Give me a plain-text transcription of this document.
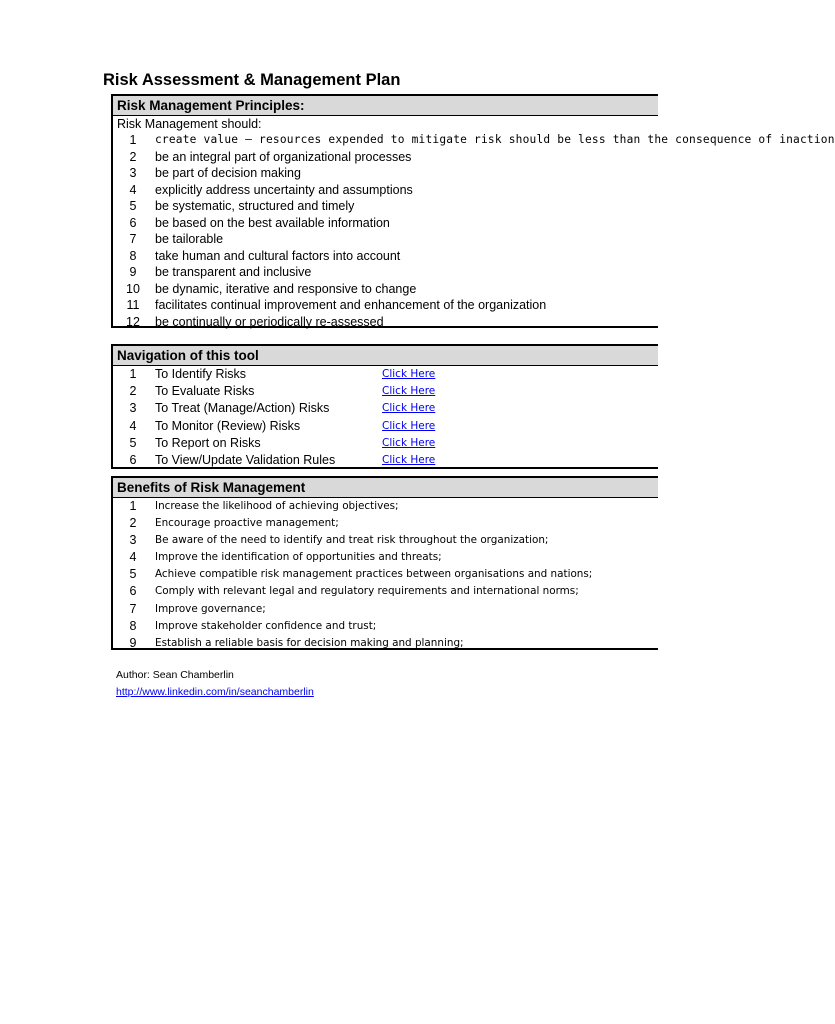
Risk Assessment & Management Plan
Risk Management Principles:
Risk Management should:
1	create value – resources expended to mitigate risk should be less than the consequence of inaction
2	be an integral part of organizational processes
3	be part of decision making
4	explicitly address uncertainty and assumptions
5	be systematic, structured and timely
6	be based on the best available information
7	be tailorable
8	take human and cultural factors into account
9	be transparent and inclusive
10	be dynamic, iterative and responsive to change
11	facilitates continual improvement and enhancement of the organization
12	be continually or periodically re-assessed
Navigation of this tool
1	To Identify Risks	Click Here
2	To Evaluate Risks	Click Here
3	To Treat (Manage/Action) Risks	Click Here
4	To Monitor (Review) Risks	Click Here
5	To Report on Risks	Click Here
6	To View/Update Validation Rules	Click Here
Benefits of Risk Management
1	Increase the likelihood of achieving objectives;
2	Encourage proactive management;
3	Be aware of the need to identify and treat risk throughout the organization;
4	Improve the identification of opportunities and threats;
5	Achieve compatible risk management practices between organisations and nations;
6	Comply with relevant legal and regulatory requirements and international norms;
7	Improve governance;
8	Improve stakeholder confidence and trust;
9	Establish a reliable basis for decision making and planning;
Author: Sean Chamberlin
http://www.linkedin.com/in/seanchamberlin
